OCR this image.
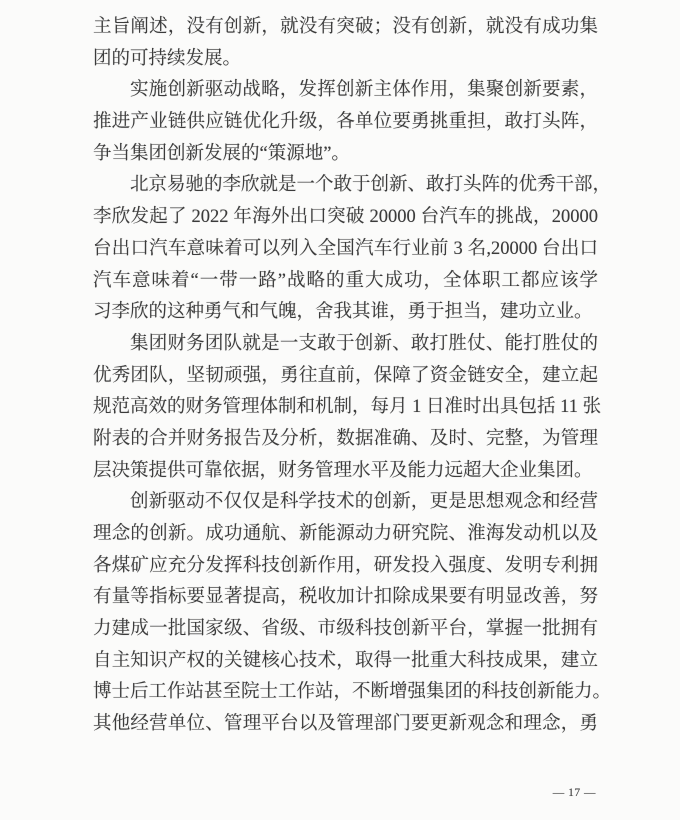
主旨阐述，没有创新，就没有突破；没有创新，就没有成功集
团的可持续发展。
实施创新驱动战略，发挥创新主体作用，集聚创新要素，
推进产业链供应链优化升级，各单位要勇挑重担，敢打头阵，
争当集团创新发展的“策源地”。
北京易驰的李欣就是一个敢于创新、敢打头阵的优秀干部，
李欣发起了 2022 年海外出口突破 20000 台汽车的挑战，20000
台出口汽车意味着可以列入全国汽车行业前 3 名,20000 台出口
汽车意味着“一带一路”战略的重大成功，全体职工都应该学
习李欣的这种勇气和气魄，舍我其谁，勇于担当，建功立业。
集团财务团队就是一支敢于创新、敢打胜仗、能打胜仗的
优秀团队，坚韧顽强，勇往直前，保障了资金链安全，建立起
规范高效的财务管理体制和机制，每月 1 日准时出具包括 11 张
附表的合并财务报告及分析，数据准确、及时、完整，为管理
层决策提供可靠依据，财务管理水平及能力远超大企业集团。
创新驱动不仅仅是科学技术的创新，更是思想观念和经营
理念的创新。成功通航、新能源动力研究院、淮海发动机以及
各煤矿应充分发挥科技创新作用，研发投入强度、发明专利拥
有量等指标要显著提高，税收加计扣除成果要有明显改善，努
力建成一批国家级、省级、市级科技创新平台，掌握一批拥有
自主知识产权的关键核心技术，取得一批重大科技成果，建立
博士后工作站甚至院士工作站，不断增强集团的科技创新能力。
其他经营单位、管理平台以及管理部门要更新观念和理念，勇
— 17 —
